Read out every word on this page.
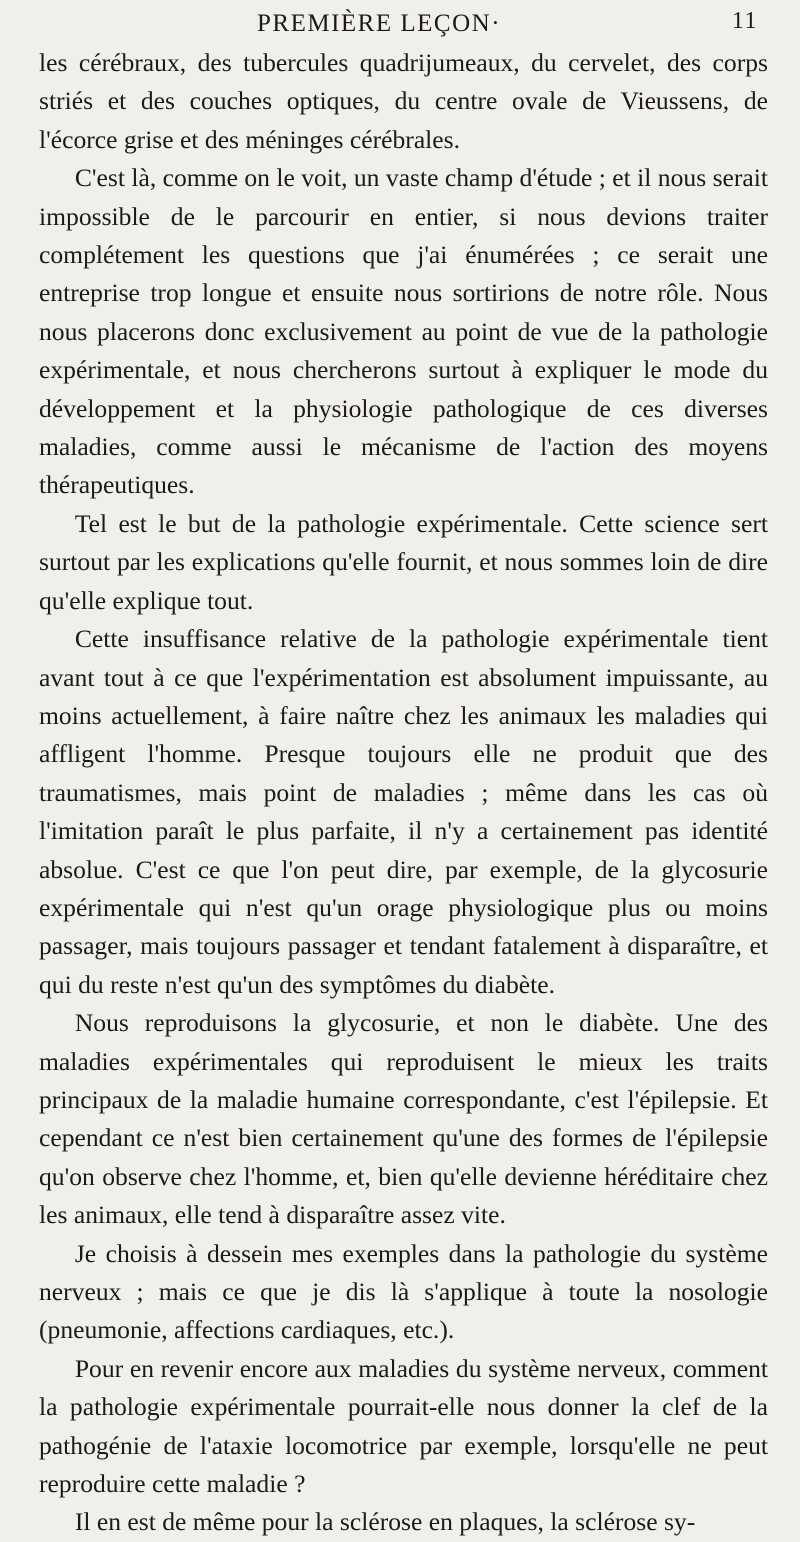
PREMIÈRE LEÇON·	11

les cérébraux, des tubercules quadrijumeaux, du cervelet, des corps striés et des couches optiques, du centre ovale de Vieussens, de l'écorce grise et des méninges cérébrales.

C'est là, comme on le voit, un vaste champ d'étude ; et il nous serait impossible de le parcourir en entier, si nous devions traiter complétement les questions que j'ai énumérées ; ce serait une entreprise trop longue et ensuite nous sortirions de notre rôle. Nous nous placerons donc exclusivement au point de vue de la pathologie expérimentale, et nous chercherons surtout à expliquer le mode du développement et la physiologie pathologique de ces diverses maladies, comme aussi le mécanisme de l'action des moyens thérapeutiques.

Tel est le but de la pathologie expérimentale. Cette science sert surtout par les explications qu'elle fournit, et nous sommes loin de dire qu'elle explique tout.

Cette insuffisance relative de la pathologie expérimentale tient avant tout à ce que l'expérimentation est absolument impuissante, au moins actuellement, à faire naître chez les animaux les maladies qui affligent l'homme. Presque toujours elle ne produit que des traumatismes, mais point de maladies ; même dans les cas où l'imitation paraît le plus parfaite, il n'y a certainement pas identité absolue. C'est ce que l'on peut dire, par exemple, de la glycosurie expérimentale qui n'est qu'un orage physiologique plus ou moins passager, mais toujours passager et tendant fatalement à disparaître, et qui du reste n'est qu'un des symptômes du diabète.

Nous reproduisons la glycosurie, et non le diabète. Une des maladies expérimentales qui reproduisent le mieux les traits principaux de la maladie humaine correspondante, c'est l'épilepsie. Et cependant ce n'est bien certainement qu'une des formes de l'épilepsie qu'on observe chez l'homme, et, bien qu'elle devienne héréditaire chez les animaux, elle tend à disparaître assez vite.

Je choisis à dessein mes exemples dans la pathologie du système nerveux ; mais ce que je dis là s'applique à toute la nosologie (pneumonie, affections cardiaques, etc.).

Pour en revenir encore aux maladies du système nerveux, comment la pathologie expérimentale pourrait-elle nous donner la clef de la pathogénie de l'ataxie locomotrice par exemple, lorsqu'elle ne peut reproduire cette maladie ?

Il en est de même pour la sclérose en plaques, la sclérose sy-
